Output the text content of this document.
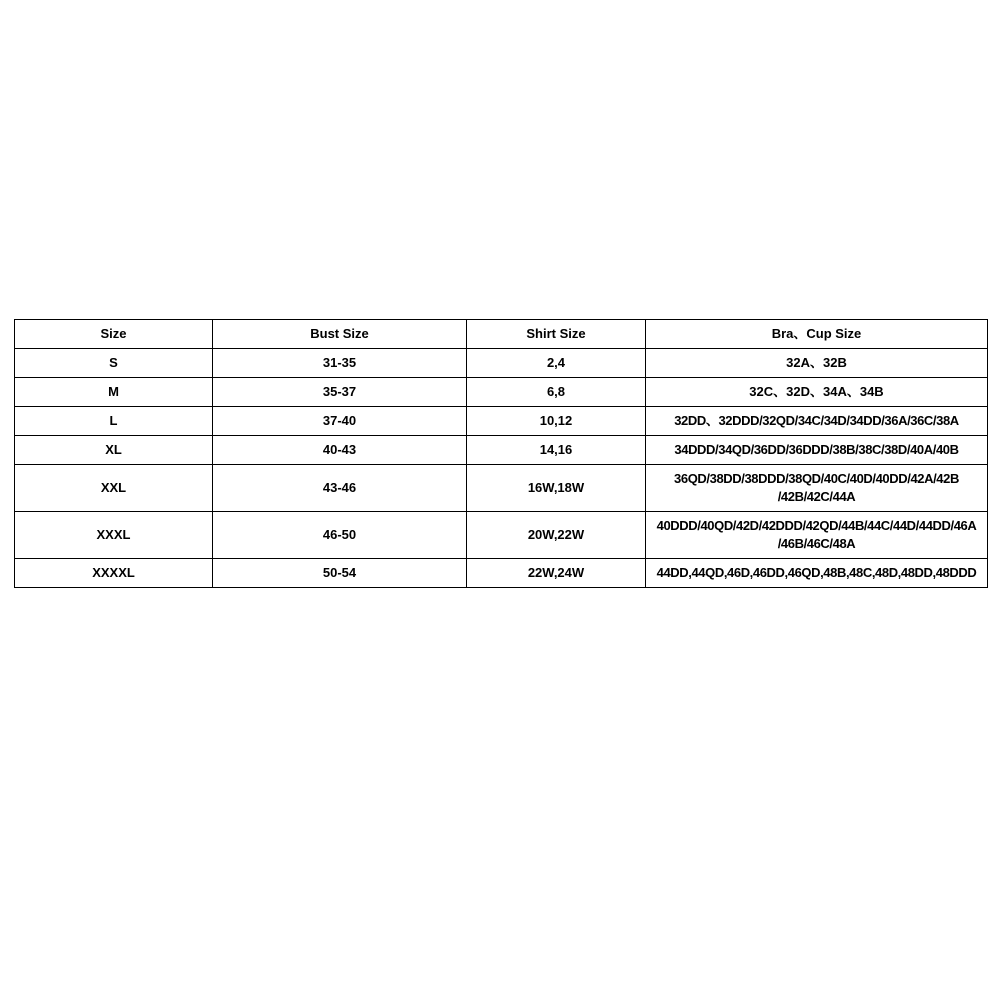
Size	Bust Size	Shirt Size	Bra、Cup Size
S	31-35	2,4	32A、32B

M	35-37	6,8	32C、32D、34A、34B

L	37-40	10,12	32DD、32DDD/32QD/34C/34D/34DD/36A/36C/38A

XL	40-43	14,16	34DDD/34QD/36DD/36DDD/38B/38C/38D/40A/40B

XXL	43-46	16W,18W	36QD/38DD/38DDD/38QD/40C/40D/40DD/42A/42B
/42B/42C/44A

XXXL	46-50	20W,22W	40DDD/40QD/42D/42DDD/42QD/44B/44C/44D/44DD/46A
/46B/46C/48A

XXXXL	50-54	22W,24W	44DD,44QD,46D,46DD,46QD,48B,48C,48D,48DD,48DDD
